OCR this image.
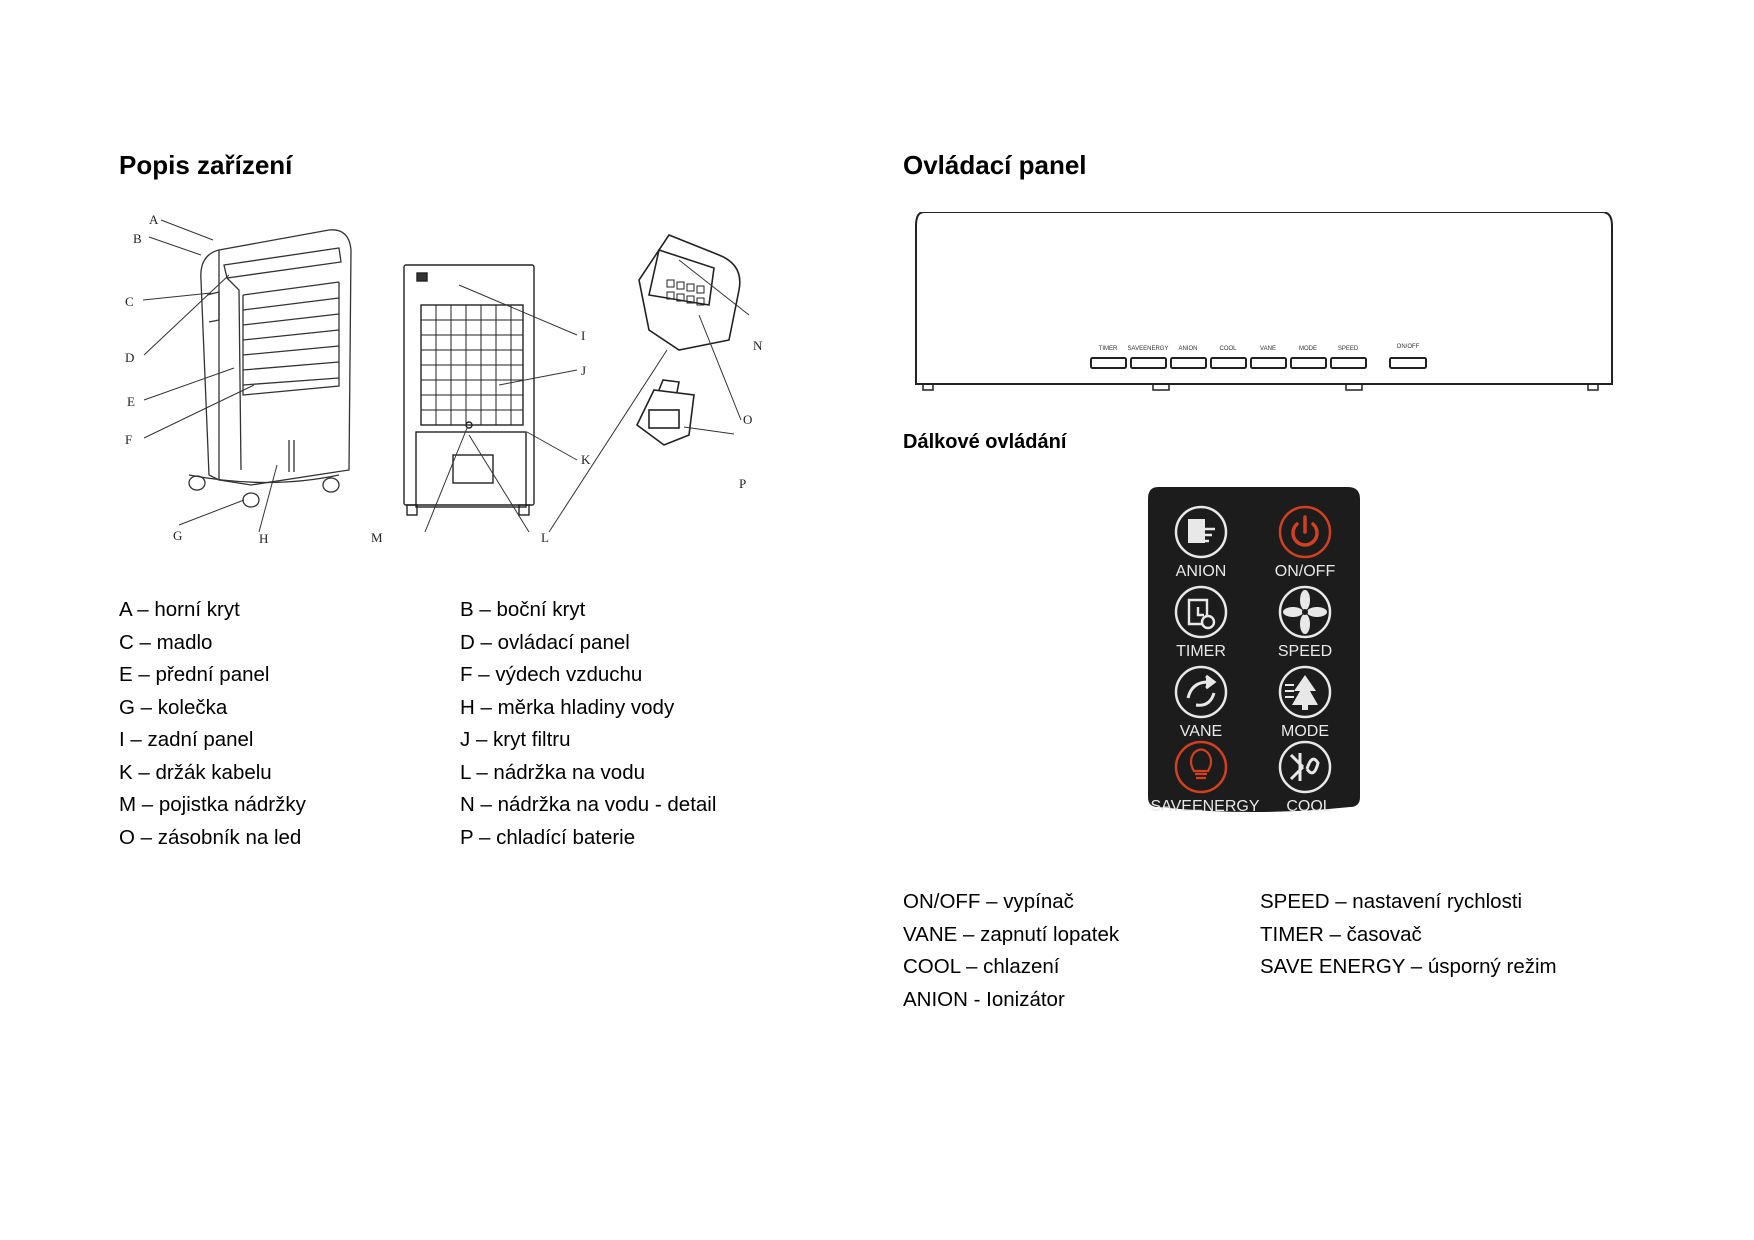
Popis zařízení
A
B
C
D
E
F
G	H
I
J
K
L
M
N
O
P
A – horní kryt
C – madlo
E – přední panel
G – kolečka
I – zadní panel
K – držák kabelu
M – pojistka nádržky
O – zásobník na led
B – boční kryt
D – ovládací panel
F – výdech vzduchu
H – měrka hladiny vody
J – kryt filtru
L – nádržka na vodu
N – nádržka na vodu - detail
P – chladící baterie
Ovládací panel
TIMER SAVEENERGY ANION	COOL	VANE	MODE	SPEED	ON/OFF
Dálkové ovládání
ANION	ON/OFF
TIMER	SPEED
VANE	MODE
SAVEENERGY COOL
ON/OFF – vypínač
VANE – zapnutí lopatek
COOL – chlazení
ANION - Ionizátor
SPEED – nastavení rychlosti
TIMER – časovač
SAVE ENERGY – úsporný režim
